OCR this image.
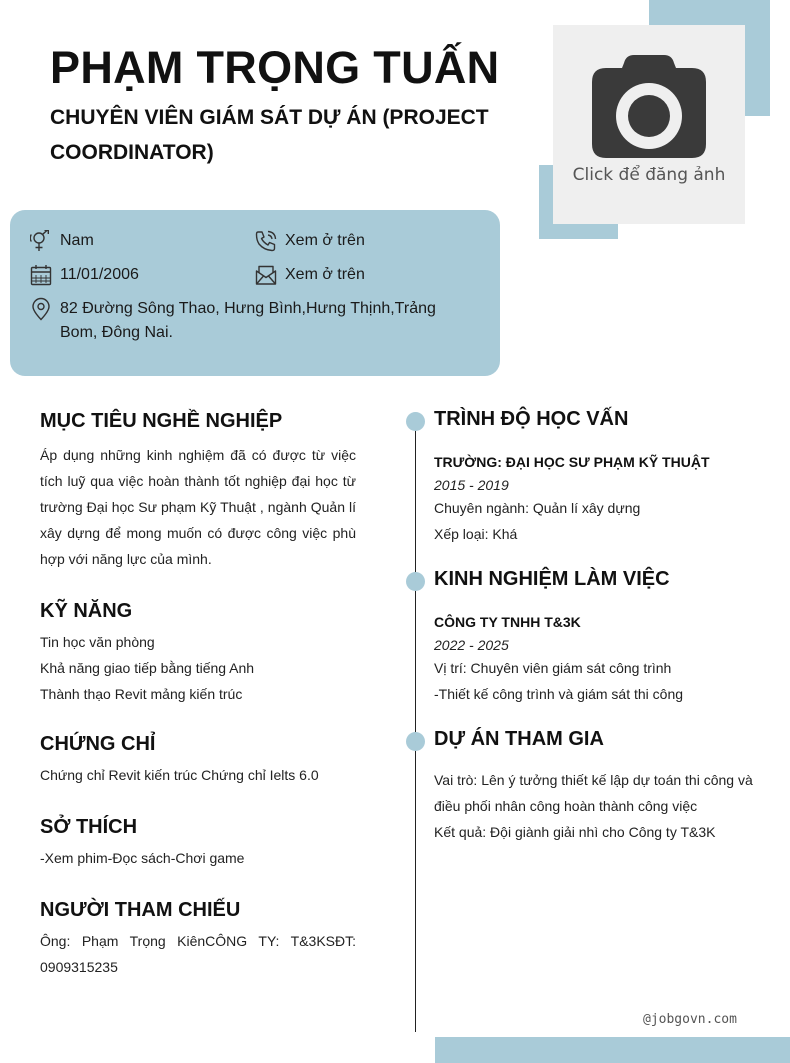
PHẠM TRỌNG TUẤN
CHUYÊN VIÊN GIÁM SÁT DỰ ÁN (PROJECT COORDINATOR)
Click để đăng ảnh
Nam	Xem ở trên
11/01/2006	Xem ở trên
82 Đường Sông Thao, Hưng Bình,Hưng Thịnh,Trảng Bom, Đông Nai.
MỤC TIÊU NGHỀ NGHIỆP
Áp dụng những kinh nghiệm đã có được từ việc tích luỹ qua việc hoàn thành tốt nghiệp đại học từ trường Đại học Sư phạm Kỹ Thuật , ngành Quản lí xây dựng để mong muốn có được công việc phù hợp với năng lực của mình.
KỸ NĂNG
Tin học văn phòng
Khả năng giao tiếp bằng tiếng Anh
Thành thạo Revit mảng kiến trúc
CHỨNG CHỈ
Chứng chỉ Revit kiến trúc Chứng chỉ Ielts 6.0
SỞ THÍCH
-Xem phim-Đọc sách-Chơi game
NGƯỜI THAM CHIẾU
Ông: Phạm Trọng KiênCÔNG TY: T&3KSĐT: 0909315235
TRÌNH ĐỘ HỌC VẤN
TRƯỜNG: ĐẠI HỌC SƯ PHẠM KỸ THUẬT
2015 - 2019
Chuyên ngành: Quản lí xây dựng
Xếp loại: Khá
KINH NGHIỆM LÀM VIỆC
CÔNG TY TNHH T&3K
2022 - 2025
Vị trí: Chuyên viên giám sát công trình
-Thiết kế công trình và giám sát thi công
DỰ ÁN THAM GIA
Vai trò: Lên ý tưởng thiết kế lập dự toán thi công và điều phối nhân công hoàn thành công việc
Kết quả: Đội giành giải nhì cho Công ty T&3K
@jobgovn.com
